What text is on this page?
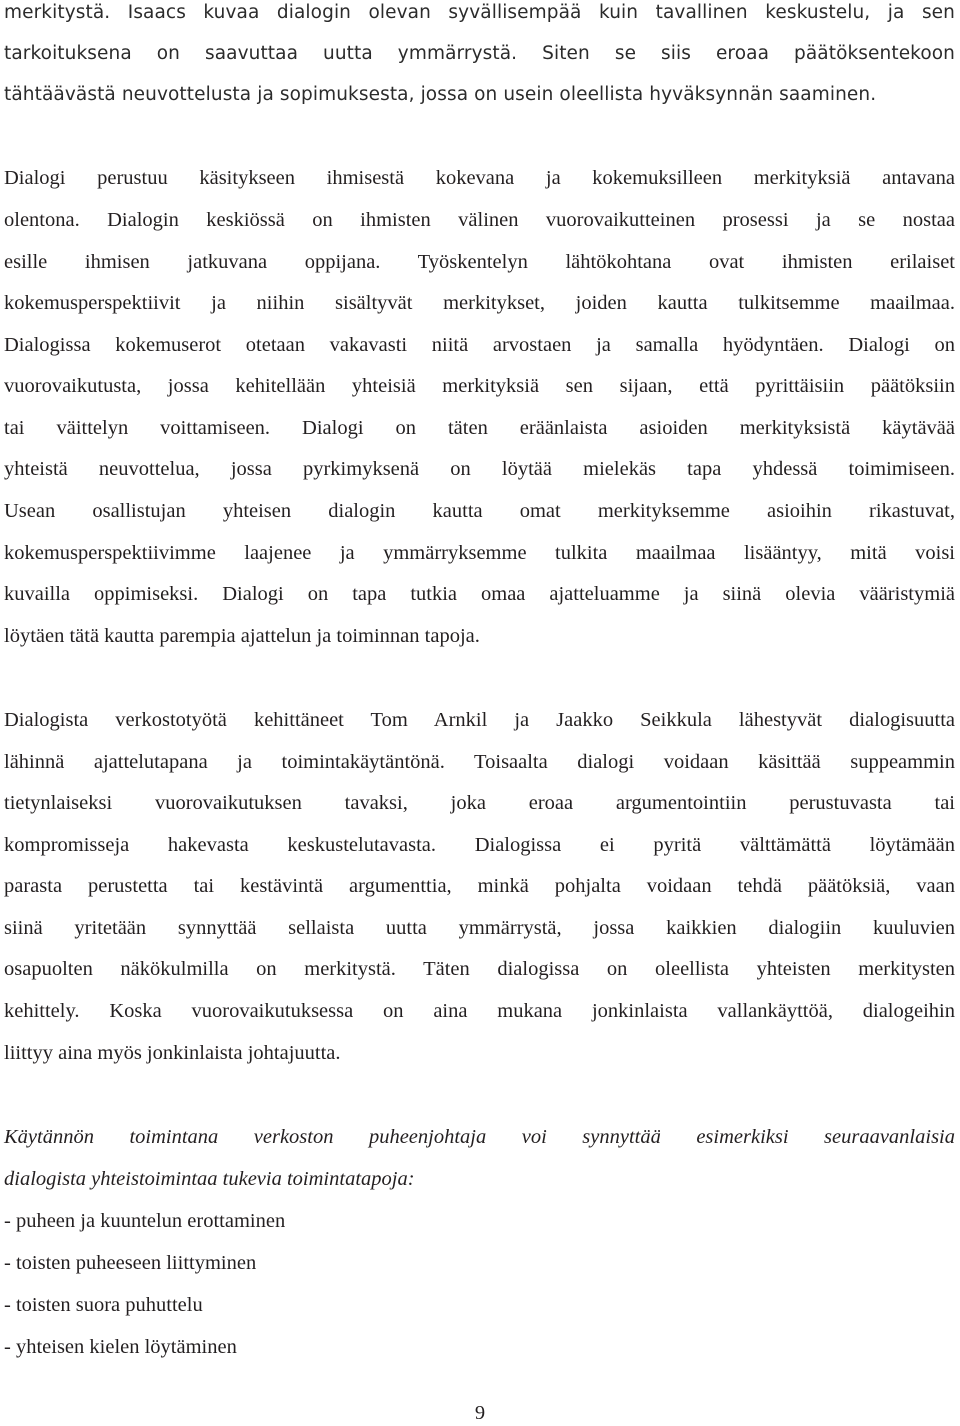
merkitystä. Isaacs kuvaa dialogin olevan syvällisempää kuin tavallinen keskustelu, ja sen
tarkoituksena on saavuttaa uutta ymmärrystä. Siten se siis eroaa päätöksentekoon
tähtäävästä neuvottelusta ja sopimuksesta, jossa on usein oleellista hyväksynnän saaminen.
Dialogi perustuu käsitykseen ihmisestä kokevana ja kokemuksilleen merkityksiä antavana
olentona. Dialogin keskiössä on ihmisten välinen vuorovaikutteinen prosessi ja se nostaa
esille ihmisen jatkuvana oppijana. Työskentelyn lähtökohtana ovat ihmisten erilaiset
kokemusperspektiivit ja niihin sisältyvät merkitykset, joiden kautta tulkitsemme maailmaa.
Dialogissa kokemuserot otetaan vakavasti niitä arvostaen ja samalla hyödyntäen. Dialogi on
vuorovaikutusta, jossa kehitellään yhteisiä merkityksiä sen sijaan, että pyrittäisiin päätöksiin
tai väittelyn voittamiseen. Dialogi on täten eräänlaista asioiden merkityksistä käytävää
yhteistä neuvottelua, jossa pyrkimyksenä on löytää mielekäs tapa yhdessä toimimiseen.
Usean osallistujan yhteisen dialogin kautta omat merkityksemme asioihin rikastuvat,
kokemusperspektiivimme laajenee ja ymmärryksemme tulkita maailmaa lisääntyy, mitä voisi
kuvailla oppimiseksi. Dialogi on tapa tutkia omaa ajatteluamme ja siinä olevia vääristymiä
löytäen tätä kautta parempia ajattelun ja toiminnan tapoja.
Dialogista verkostotyötä kehittäneet Tom Arnkil ja Jaakko Seikkula lähestyvät dialogisuutta
lähinnä ajattelutapana ja toimintakäytäntönä. Toisaalta dialogi voidaan käsittää suppeammin
tietynlaiseksi vuorovaikutuksen tavaksi, joka eroaa argumentointiin perustuvasta tai
kompromisseja hakevasta keskustelutavasta. Dialogissa ei pyritä välttämättä löytämään
parasta perustetta tai kestävintä argumenttia, minkä pohjalta voidaan tehdä päätöksiä, vaan
siinä yritetään synnyttää sellaista uutta ymmärrystä, jossa kaikkien dialogiin kuuluvien
osapuolten näkökulmilla on merkitystä. Täten dialogissa on oleellista yhteisten merkitysten
kehittely. Koska vuorovaikutuksessa on aina mukana jonkinlaista vallankäyttöä, dialogeihin
liittyy aina myös jonkinlaista johtajuutta.
Käytännön toimintana verkoston puheenjohtaja voi synnyttää esimerkiksi seuraavanlaisia
dialogista yhteistoimintaa tukevia toimintatapoja:
- puheen ja kuuntelun erottaminen
- toisten puheeseen liittyminen
- toisten suora puhuttelu
- yhteisen kielen löytäminen
9
